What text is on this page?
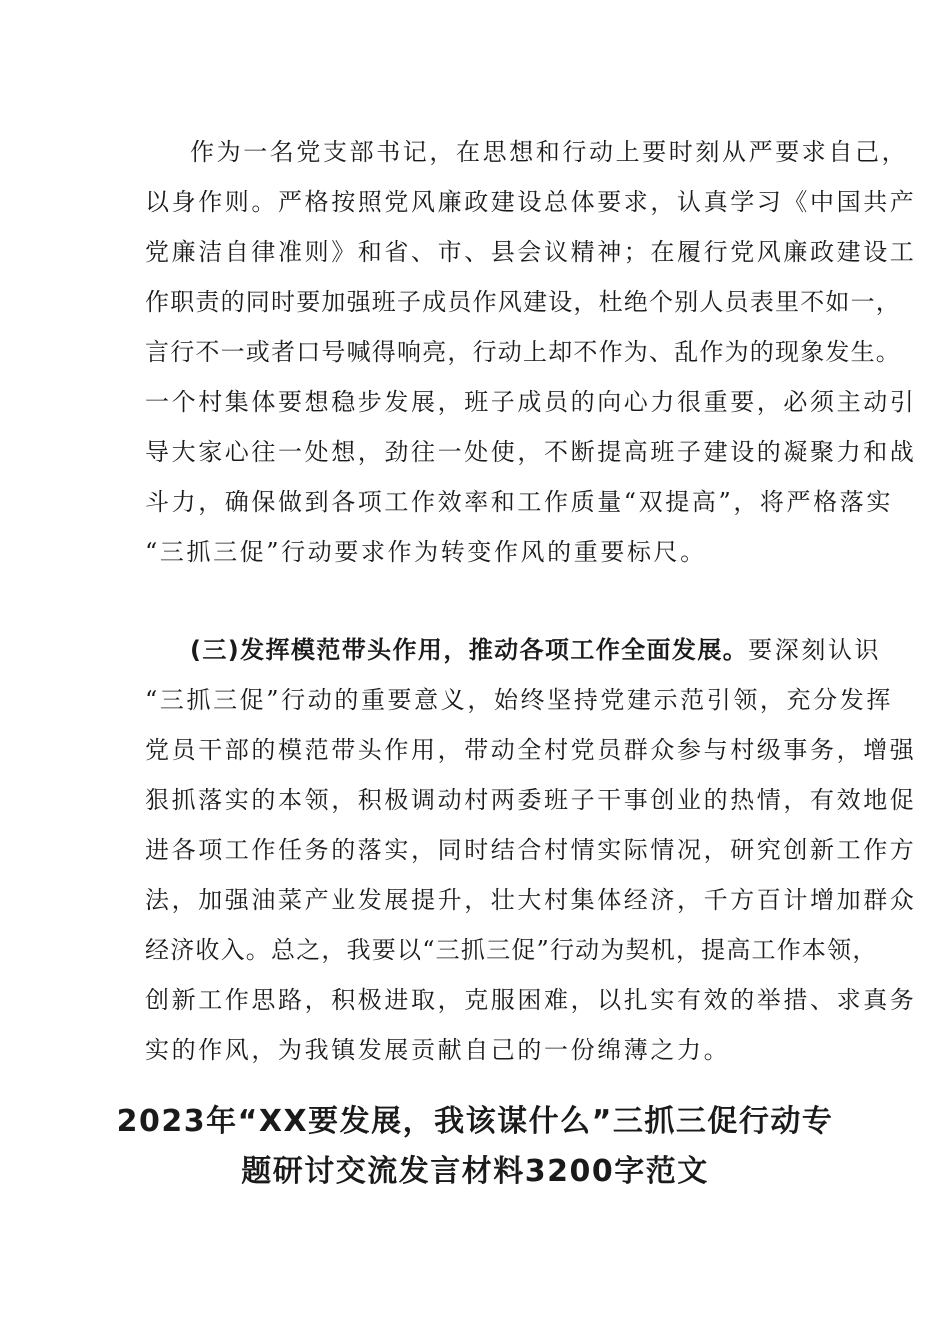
作为一名党支部书记，在思想和行动上要时刻从严要求自己，
以身作则。严格按照党风廉政建设总体要求，认真学习《中国共产
党廉洁自律准则》和省、市、县会议精神；在履行党风廉政建设工
作职责的同时要加强班子成员作风建设，杜绝个别人员表里不如一，
言行不一或者口号喊得响亮，行动上却不作为、乱作为的现象发生。
一个村集体要想稳步发展，班子成员的向心力很重要，必须主动引
导大家心往一处想，劲往一处使，不断提高班子建设的凝聚力和战
斗力，确保做到各项工作效率和工作质量“双提高”，将严格落实
“三抓三促”行动要求作为转变作风的重要标尺。
(三)发挥模范带头作用，推动各项工作全面发展。要深刻认识
“三抓三促”行动的重要意义，始终坚持党建示范引领，充分发挥
党员干部的模范带头作用，带动全村党员群众参与村级事务，增强
狠抓落实的本领，积极调动村两委班子干事创业的热情，有效地促
进各项工作任务的落实，同时结合村情实际情况，研究创新工作方
法，加强油菜产业发展提升，壮大村集体经济，千方百计增加群众
经济收入。总之，我要以“三抓三促”行动为契机，提高工作本领，
创新工作思路，积极进取，克服困难，以扎实有效的举措、求真务
实的作风，为我镇发展贡献自己的一份绵薄之力。
2023年“XX要发展，我该谋什么”三抓三促行动专
题研讨交流发言材料3200字范文
